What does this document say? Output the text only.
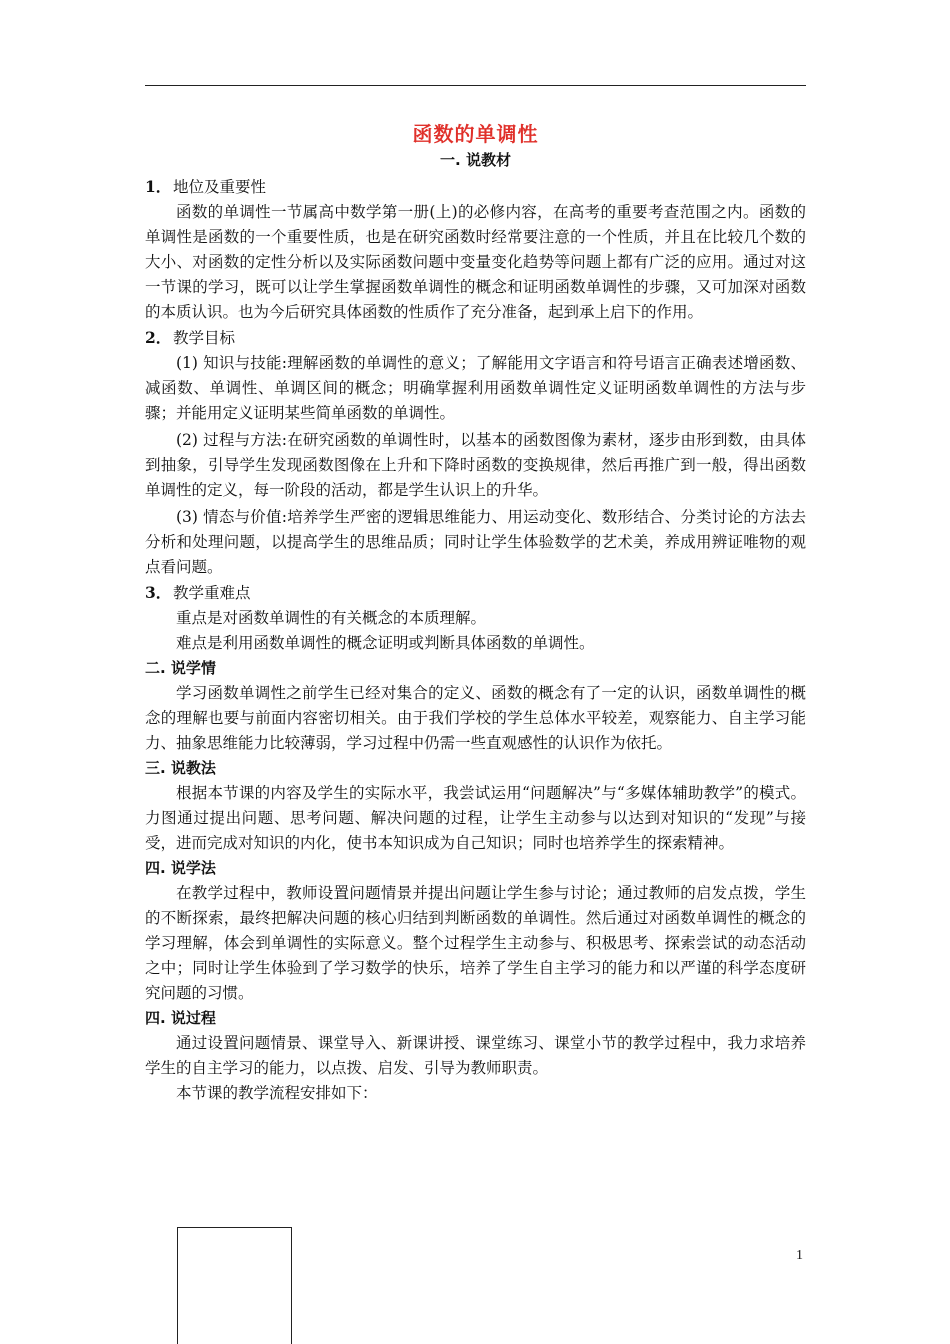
函数的单调性
一. 说教材

1． 地位及重要性

函数的单调性一节属高中数学第一册(上)的必修内容，在高考的重要考查范围之内。函数的单调性是函数的一个重要性质，也是在研究函数时经常要注意的一个性质，并且在比较几个数的大小、对函数的定性分析以及实际函数问题中变量变化趋势等问题上都有广泛的应用。通过对这一节课的学习，既可以让学生掌握函数单调性的概念和证明函数单调性的步骤，又可加深对函数的本质认识。也为今后研究具体函数的性质作了充分准备，起到承上启下的作用。

2． 教学目标

(1) 知识与技能:理解函数的单调性的意义；了解能用文字语言和符号语言正确表述增函数、减函数、单调性、单调区间的概念；明确掌握利用函数单调性定义证明函数单调性的方法与步骤；并能用定义证明某些简单函数的单调性。

(2) 过程与方法:在研究函数的单调性时，以基本的函数图像为素材，逐步由形到数，由具体到抽象，引导学生发现函数图像在上升和下降时函数的变换规律，然后再推广到一般，得出函数单调性的定义，每一阶段的活动，都是学生认识上的升华。

(3) 情态与价值:培养学生严密的逻辑思维能力、用运动变化、数形结合、分类讨论的方法去分析和处理问题，以提高学生的思维品质；同时让学生体验数学的艺术美，养成用辨证唯物的观点看问题。

3． 教学重难点

重点是对函数单调性的有关概念的本质理解。

难点是利用函数单调性的概念证明或判断具体函数的单调性。

二. 说学情

学习函数单调性之前学生已经对集合的定义、函数的概念有了一定的认识，函数单调性的概念的理解也要与前面内容密切相关。由于我们学校的学生总体水平较差，观察能力、自主学习能力、抽象思维能力比较薄弱，学习过程中仍需一些直观感性的认识作为依托。

三. 说教法

根据本节课的内容及学生的实际水平，我尝试运用“问题解决”与“多媒体辅助教学”的模式。力图通过提出问题、思考问题、解决问题的过程，让学生主动参与以达到对知识的“发现”与接受，进而完成对知识的内化，使书本知识成为自己知识；同时也培养学生的探索精神。

四. 说学法

在教学过程中，教师设置问题情景并提出问题让学生参与讨论；通过教师的启发点拨，学生的不断探索，最终把解决问题的核心归结到判断函数的单调性。然后通过对函数单调性的概念的学习理解，体会到单调性的实际意义。整个过程学生主动参与、积极思考、探索尝试的动态活动之中；同时让学生体验到了学习数学的快乐，培养了学生自主学习的能力和以严谨的科学态度研究问题的习惯。

四. 说过程

通过设置问题情景、课堂导入、新课讲授、课堂练习、课堂小节的教学过程中，我力求培养学生的自主学习的能力，以点拨、启发、引导为教师职责。

本节课的教学流程安排如下：

1
